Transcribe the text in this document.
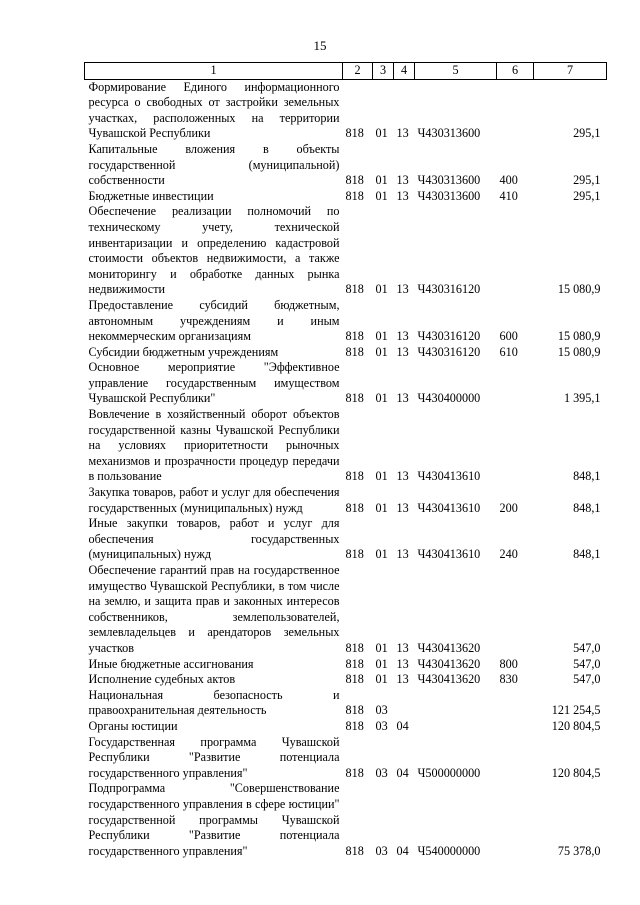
15
1	2	3	4	5	6	7
Формирование Единого информационного ресурса о свободных от застройки земельных участках, расположенных на территории Чувашской Республики	818	01	13	Ч430313600		295,1
Капитальные вложения в объекты государственной (муниципальной) собственности	818	01	13	Ч430313600	400	295,1
Бюджетные инвестиции	818	01	13	Ч430313600	410	295,1
Обеспечение реализации полномочий по техническому учету, технической инвентаризации и определению кадастровой стоимости объектов недвижимости, а также мониторингу и обработке данных рынка недвижимости	818	01	13	Ч430316120		15 080,9
Предоставление субсидий бюджетным, автономным учреждениям и иным некоммерческим организациям	818	01	13	Ч430316120	600	15 080,9
Субсидии бюджетным учреждениям	818	01	13	Ч430316120	610	15 080,9
Основное мероприятие "Эффективное управление государственным имуществом Чувашской Республики"	818	01	13	Ч430400000		1 395,1
Вовлечение в хозяйственный оборот объектов государственной казны Чувашской Республики на условиях приоритетности рыночных механизмов и прозрачности процедур передачи в пользование	818	01	13	Ч430413610		848,1
Закупка товаров, работ и услуг для обеспечения государственных (муниципальных) нужд	818	01	13	Ч430413610	200	848,1
Иные закупки товаров, работ и услуг для обеспечения государственных (муниципальных) нужд	818	01	13	Ч430413610	240	848,1
Обеспечение гарантий прав на государственное имущество Чувашской Республики, в том числе на землю, и защита прав и законных интересов собственников, землепользователей, землевладельцев и арендаторов земельных участков	818	01	13	Ч430413620		547,0
Иные бюджетные ассигнования	818	01	13	Ч430413620	800	547,0
Исполнение судебных актов	818	01	13	Ч430413620	830	547,0
Национальная безопасность и правоохранительная деятельность	818	03				121 254,5
Органы юстиции	818	03	04			120 804,5
Государственная программа Чувашской Республики "Развитие потенциала государственного управления"	818	03	04	Ч500000000		120 804,5
Подпрограмма "Совершенствование государственного управления в сфере юстиции" государственной программы Чувашской Республики "Развитие потенциала государственного управления"	818	03	04	Ч540000000		75 378,0
